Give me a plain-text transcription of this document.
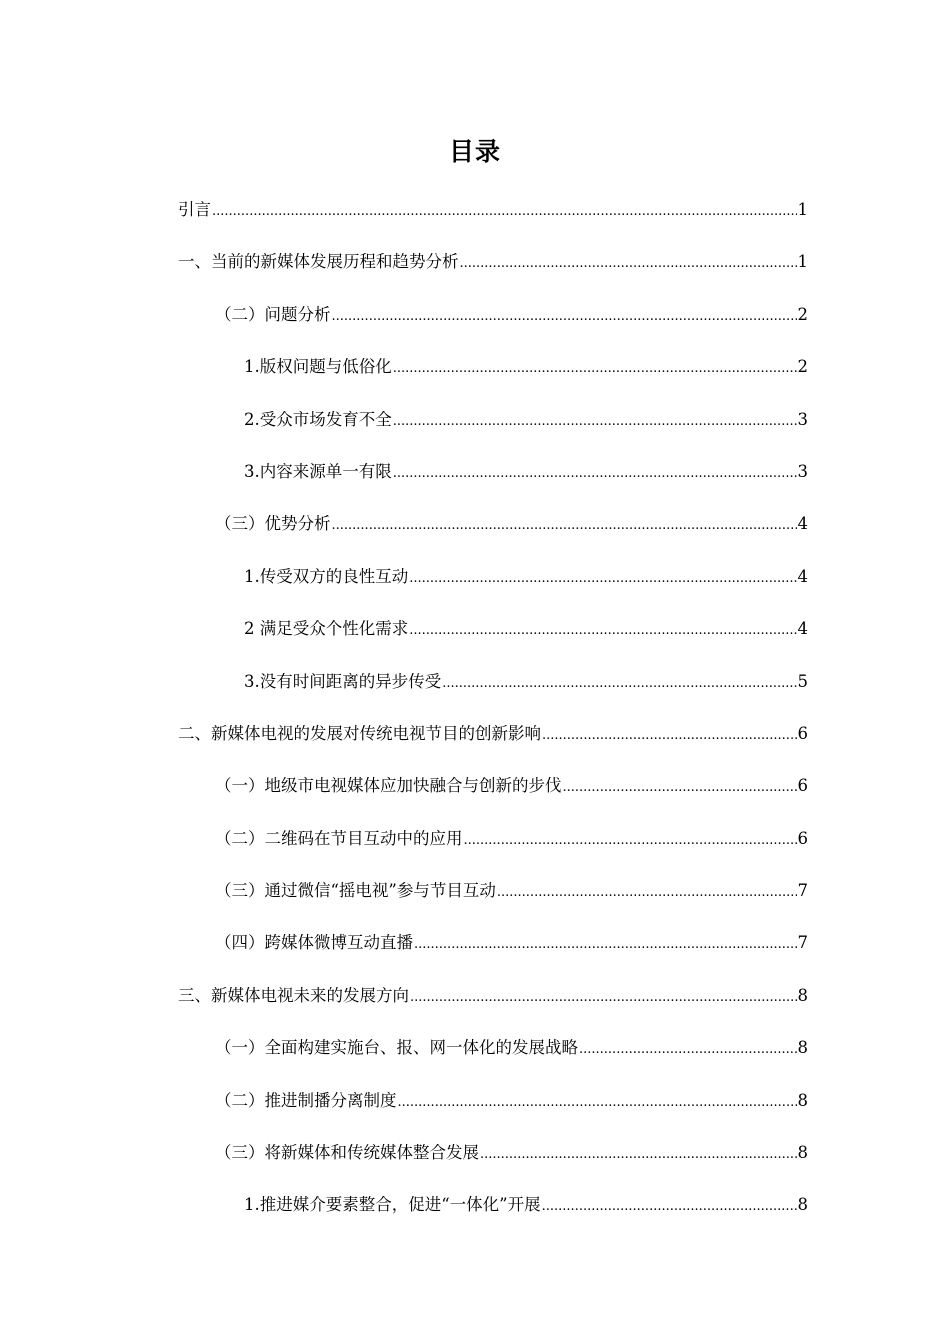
目录
引言 .....	1
一、当前的新媒体发展历程和趋势分析 .....	1
（二）问题分析 .....	2
1.版权问题与低俗化 .....	2
2.受众市场发育不全 .....	3
3.内容来源单一有限 .....	3
（三）优势分析 .....	4
1.传受双方的良性互动 .....	4
2 满足受众个性化需求 .....	4
3.没有时间距离的异步传受 .....	5
二、新媒体电视的发展对传统电视节目的创新影响 .....	6
（一）地级市电视媒体应加快融合与创新的步伐 .....	6
（二）二维码在节目互动中的应用 .....	6
（三）通过微信“摇电视”参与节目互动 .....	7
（四）跨媒体微博互动直播 .....	7
三、新媒体电视未来的发展方向 .....	8
（一）全面构建实施台、报、网一体化的发展战略 .....	8
（二）推进制播分离制度 .....	8
（三）将新媒体和传统媒体整合发展 .....	8
1.推进媒介要素整合，促进“一体化”开展 .....	8
